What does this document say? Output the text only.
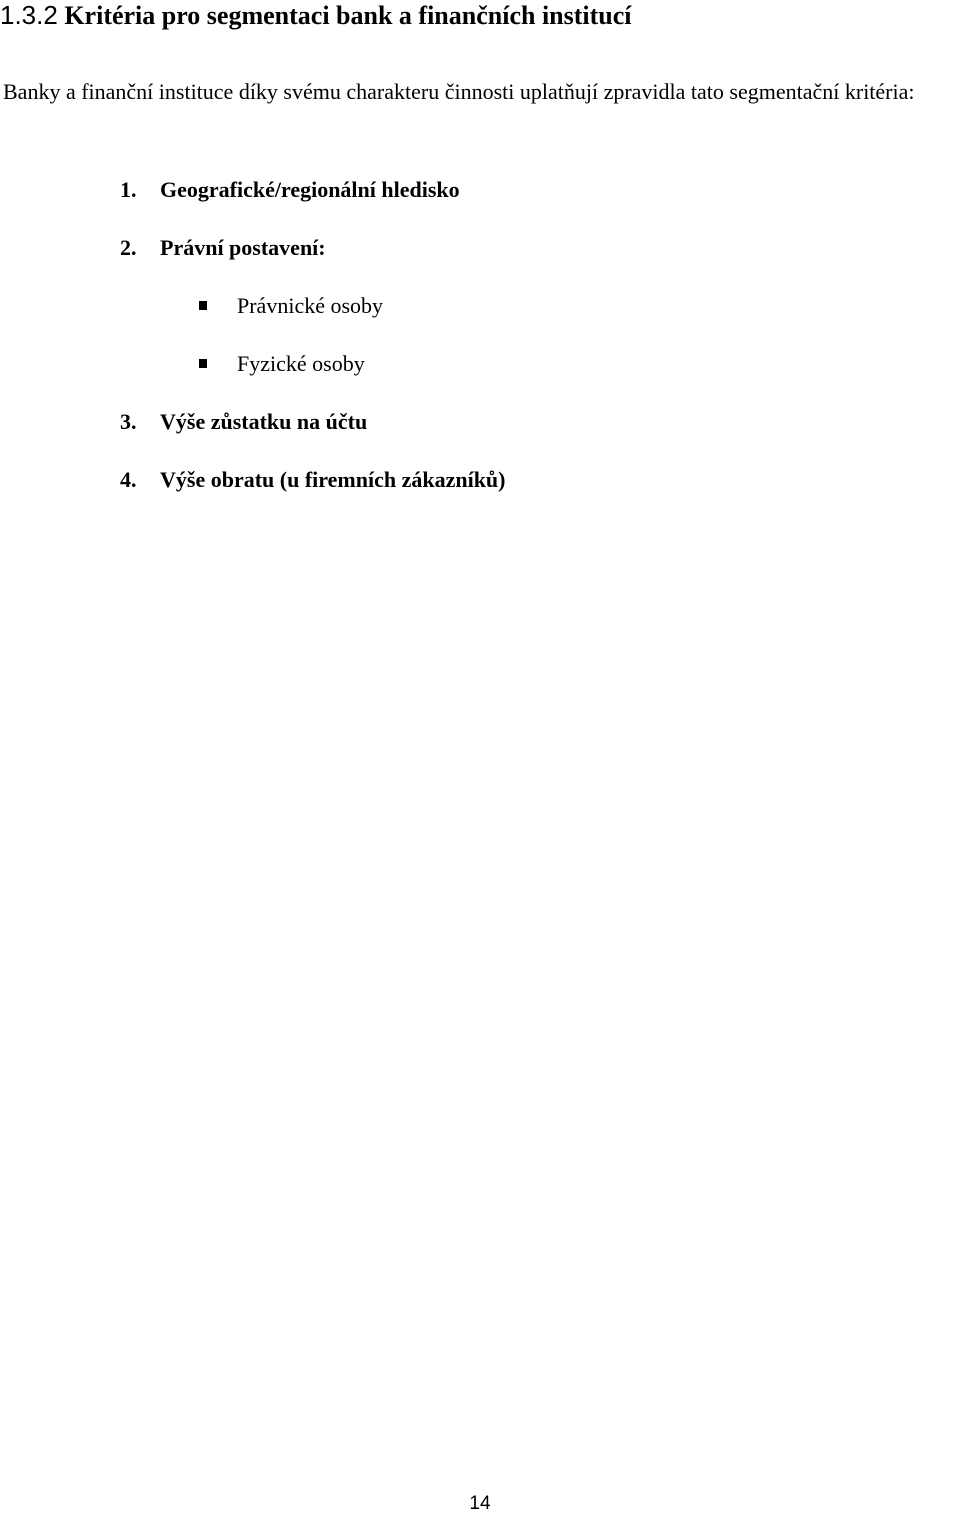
1.3.2 Kritéria pro segmentaci bank a finančních institucí

Banky a finanční instituce díky svému charakteru činnosti uplatňují zpravidla tato segmentační kritéria:

1. Geografické/regionální hledisko
2. Právní postavení:
Právnické osoby
Fyzické osoby
3. Výše zůstatku na účtu
4. Výše obratu (u firemních zákazníků)
14
